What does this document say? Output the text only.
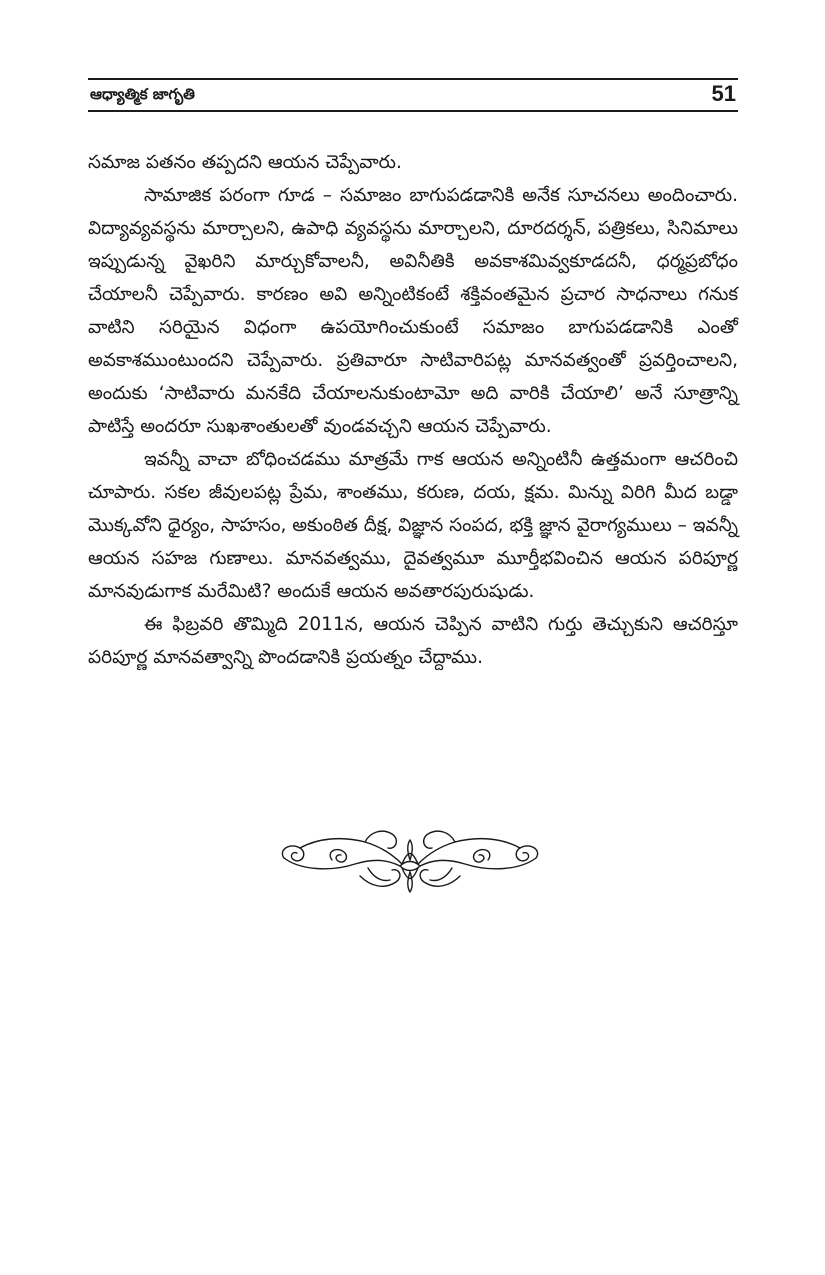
ఆధ్యాత్మిక జాగృతి	51

సమాజ పతనం తప్పదని ఆయన చెప్పేవారు.

సామాజిక పరంగా గూడ – సమాజం బాగుపడడానికి అనేక సూచనలు అందించారు. విద్యావ్యవస్థను మార్చాలని, ఉపాధి వ్యవస్థను మార్చాలని, దూరదర్శన్, పత్రికలు, సినిమాలు ఇప్పుడున్న వైఖరిని మార్చుకోవాలనీ, అవినీతికి అవకాశమివ్వకూడదనీ, ధర్మప్రబోధం చేయాలనీ చెప్పేవారు. కారణం అవి అన్నింటికంటే శక్తివంతమైన ప్రచార సాధనాలు గనుక వాటిని సరియైన విధంగా ఉపయోగించుకుంటే సమాజం బాగుపడడానికి ఎంతో అవకాశముంటుందని చెప్పేవారు. ప్రతివారూ సాటివారిపట్ల మానవత్వంతో ప్రవర్తించాలని, అందుకు ‘సాటివారు మనకేది చేయాలనుకుంటామో అది వారికి చేయాలి’ అనే సూత్రాన్ని పాటిస్తే అందరూ సుఖశాంతులతో వుండవచ్చని ఆయన చెప్పేవారు.

ఇవన్నీ వాచా బోధించడము మాత్రమే గాక ఆయన అన్నింటినీ ఉత్తమంగా ఆచరించి చూపారు. సకల జీవులపట్ల ప్రేమ, శాంతము, కరుణ, దయ, క్షమ. మిన్ను విరిగి మీద బడ్డా మొక్కవోని ధైర్యం, సాహసం, అకుంఠిత దీక్ష, విజ్ఞాన సంపద, భక్తి జ్ఞాన వైరాగ్యములు – ఇవన్నీ ఆయన సహజ గుణాలు. మానవత్వము, దైవత్వమూ మూర్తీభవించిన ఆయన పరిపూర్ణ మానవుడుగాక మరేమిటి? అందుకే ఆయన అవతారపురుషుడు.

ఈ ఫిబ్రవరి తొమ్మిది 2011న, ఆయన చెప్పిన వాటిని గుర్తు తెచ్చుకుని ఆచరిస్తూ పరిపూర్ణ మానవత్వాన్ని పొందడానికి ప్రయత్నం చేద్దాము.
